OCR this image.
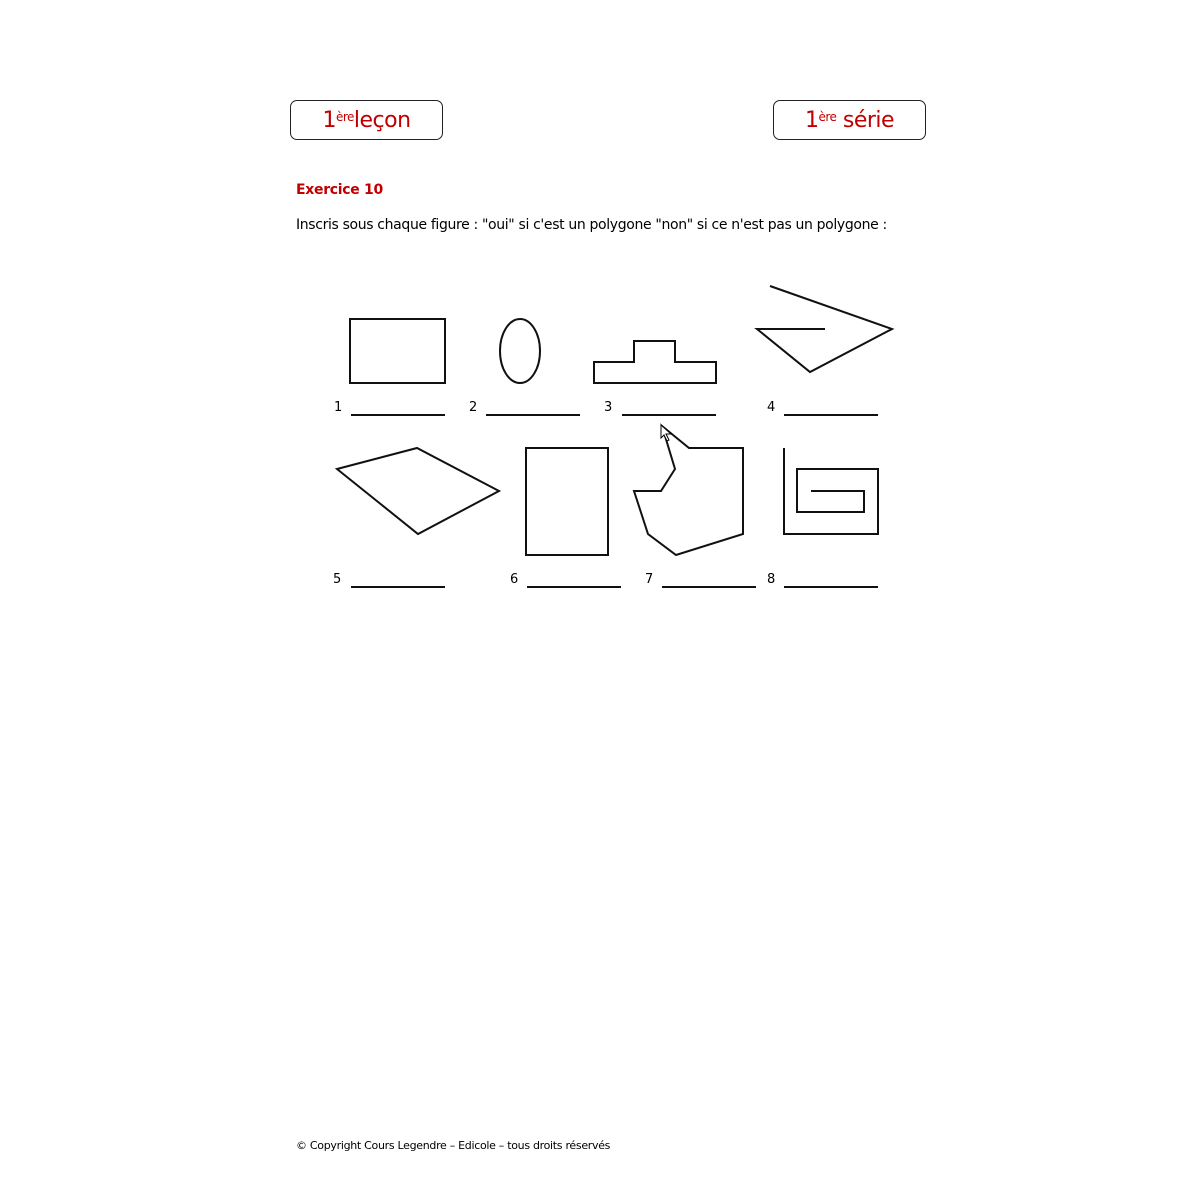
1ère leçon	1ère série
Exercice 10
Inscris sous chaque figure : "oui" si c'est un polygone "non" si ce n'est pas un polygone :
1	2	3	4
5	6	7	8
© Copyright Cours Legendre – Edicole – tous droits réservés
